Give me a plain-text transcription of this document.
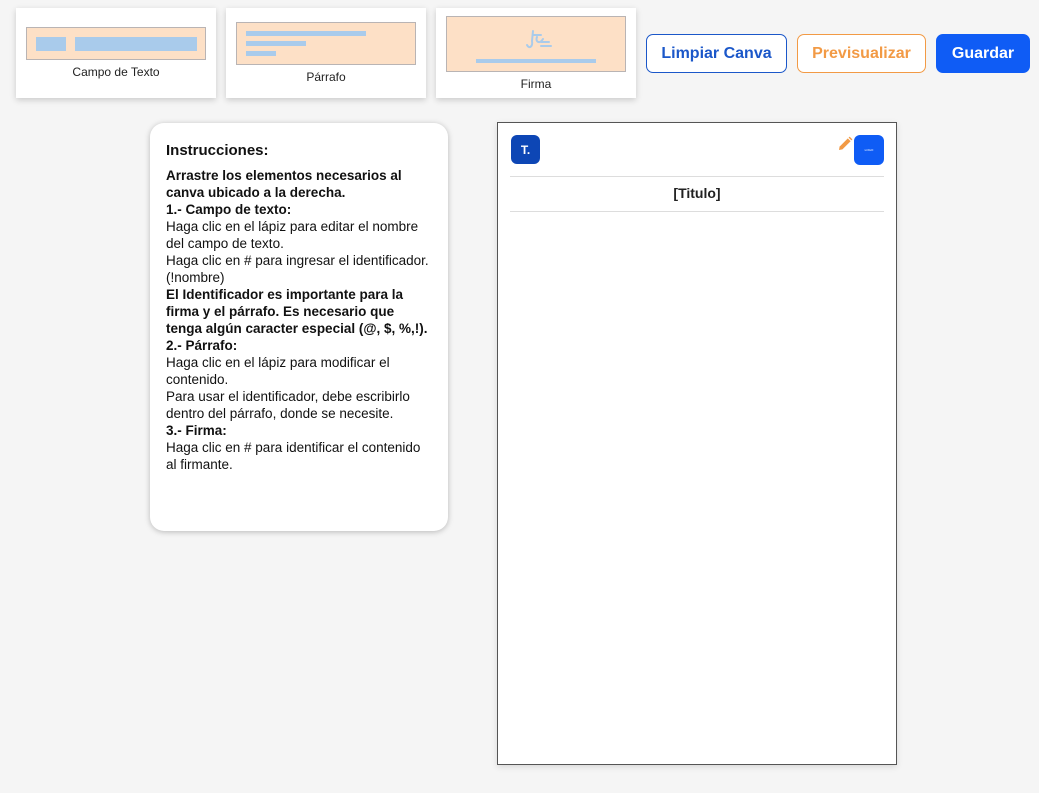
Campo de Texto	Párrafo	Firma
Limpiar Canva	Previsualizar	Guardar
Instrucciones:

Arrastre los elementos necesarios al canva ubicado a la derecha.

1.- Campo de texto:

Haga clic en el lápiz para editar el nombre del campo de texto.

Haga clic en # para ingresar el identificador. (!nombre)

El Identificador es importante para la firma y el párrafo. Es necesario que tenga algún caracter especial (@, $, %,!).

2.- Párrafo:

Haga clic en el lápiz para modificar el contenido.

Para usar el identificador, debe escribirlo dentro del párrafo, donde se necesite.

3.- Firma:

Haga clic en # para identificar el contenido al firmante.

T.	LOGO
[Titulo]
